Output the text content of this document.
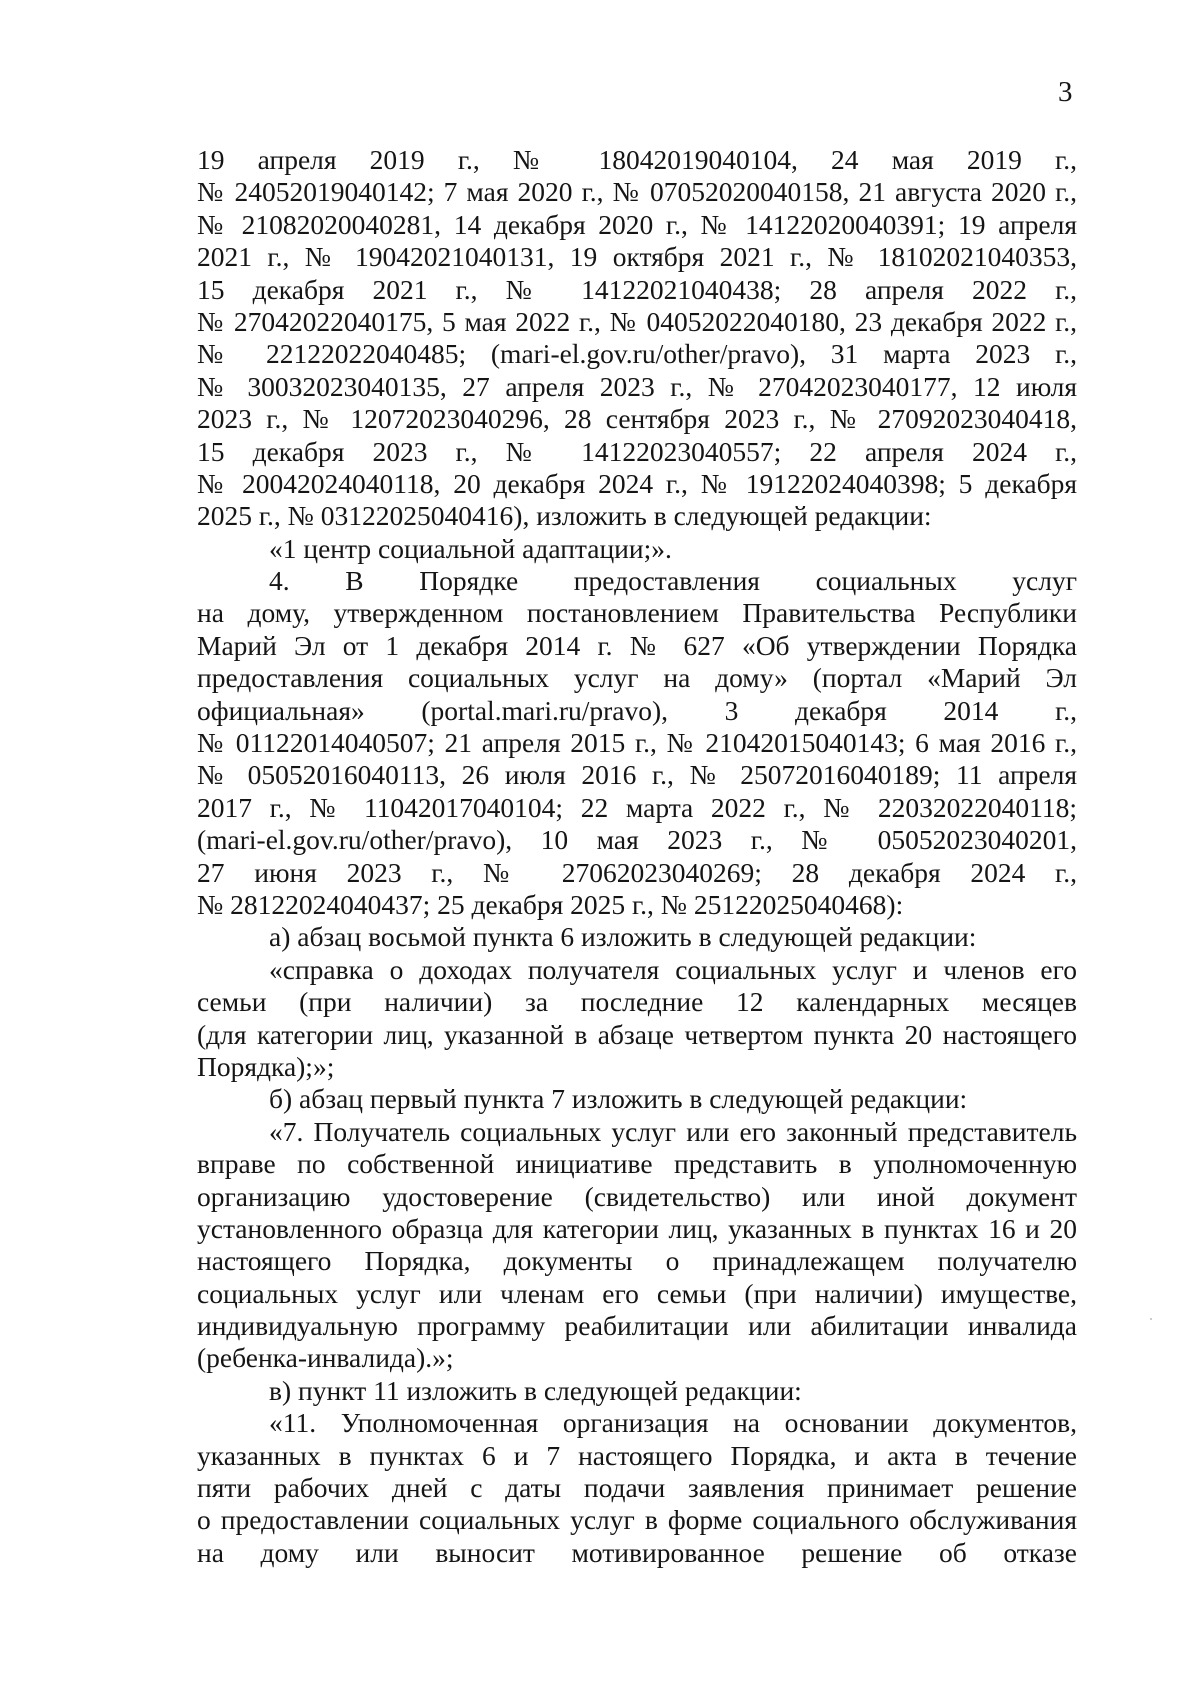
3
19 апреля 2019 г., № 18042019040104, 24 мая 2019 г.,
№ 24052019040142; 7 мая 2020 г., № 07052020040158, 21 августа 2020 г.,
№ 21082020040281, 14 декабря 2020 г., № 14122020040391; 19 апреля
2021 г., № 19042021040131, 19 октября 2021 г., № 18102021040353,
15 декабря 2021 г., № 14122021040438; 28 апреля 2022 г.,
№ 27042022040175, 5 мая 2022 г., № 04052022040180, 23 декабря 2022 г.,
№ 22122022040485; (mari-el.gov.ru/other/pravo), 31 марта 2023 г.,
№ 30032023040135, 27 апреля 2023 г., № 27042023040177, 12 июля
2023 г., № 12072023040296, 28 сентября 2023 г., № 27092023040418,
15 декабря 2023 г., № 14122023040557; 22 апреля 2024 г.,
№ 20042024040118, 20 декабря 2024 г., № 19122024040398; 5 декабря
2025 г., № 03122025040416), изложить в следующей редакции:
«1 центр социальной адаптации;».
4. В Порядке предоставления социальных услуг
на дому, утвержденном постановлением Правительства Республики
Марий Эл от 1 декабря 2014 г. № 627 «Об утверждении Порядка
предоставления социальных услуг на дому» (портал «Марий Эл
официальная» (portal.mari.ru/pravo), 3 декабря 2014 г.,
№ 01122014040507; 21 апреля 2015 г., № 21042015040143; 6 мая 2016 г.,
№ 05052016040113, 26 июля 2016 г., № 25072016040189; 11 апреля
2017 г., № 11042017040104; 22 марта 2022 г., № 22032022040118;
(mari-el.gov.ru/other/pravo), 10 мая 2023 г., № 05052023040201,
27 июня 2023 г., № 27062023040269; 28 декабря 2024 г.,
№ 28122024040437; 25 декабря 2025 г., № 25122025040468):
а) абзац восьмой пункта 6 изложить в следующей редакции:
«справка о доходах получателя социальных услуг и членов его
семьи (при наличии) за последние 12 календарных месяцев
(для категории лиц, указанной в абзаце четвертом пункта 20 настоящего
Порядка);»;
б) абзац первый пункта 7 изложить в следующей редакции:
«7. Получатель социальных услуг или его законный представитель
вправе по собственной инициативе представить в уполномоченную
организацию удостоверение (свидетельство) или иной документ
установленного образца для категории лиц, указанных в пунктах 16 и 20
настоящего Порядка, документы о принадлежащем получателю
социальных услуг или членам его семьи (при наличии) имуществе,
индивидуальную программу реабилитации или абилитации инвалида
(ребенка-инвалида).»;
в) пункт 11 изложить в следующей редакции:
«11. Уполномоченная организация на основании документов,
указанных в пунктах 6 и 7 настоящего Порядка, и акта в течение
пяти рабочих дней с даты подачи заявления принимает решение
о предоставлении социальных услуг в форме социального обслуживания
на дому или выносит мотивированное решение об отказе
